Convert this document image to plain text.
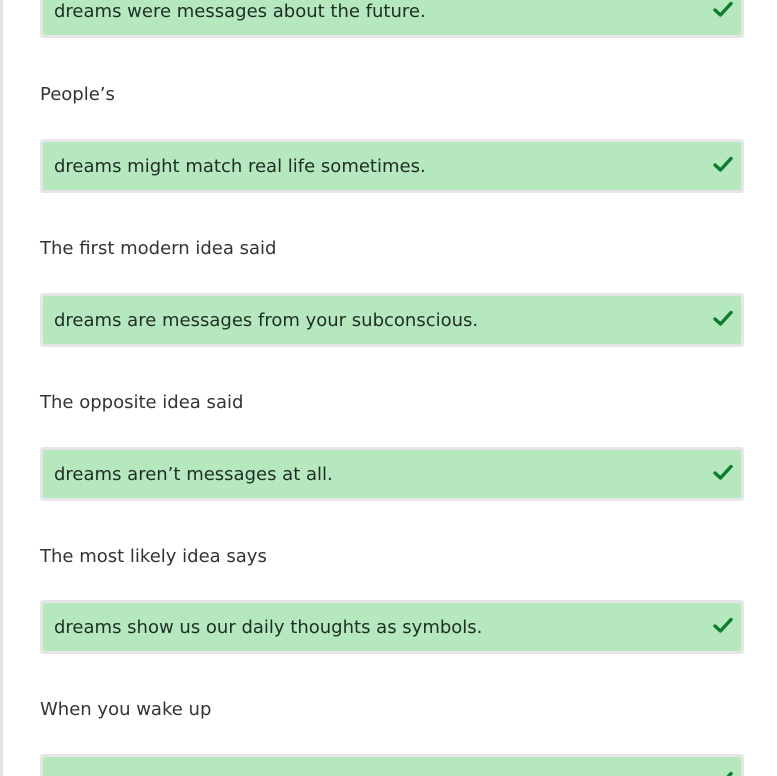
dreams were messages about the future.
People’s
dreams might match real life sometimes.
The first modern idea said
dreams are messages from your subconscious.
The opposite idea said
dreams aren’t messages at all.
The most likely idea says
dreams show us our daily thoughts as symbols.
When you wake up
